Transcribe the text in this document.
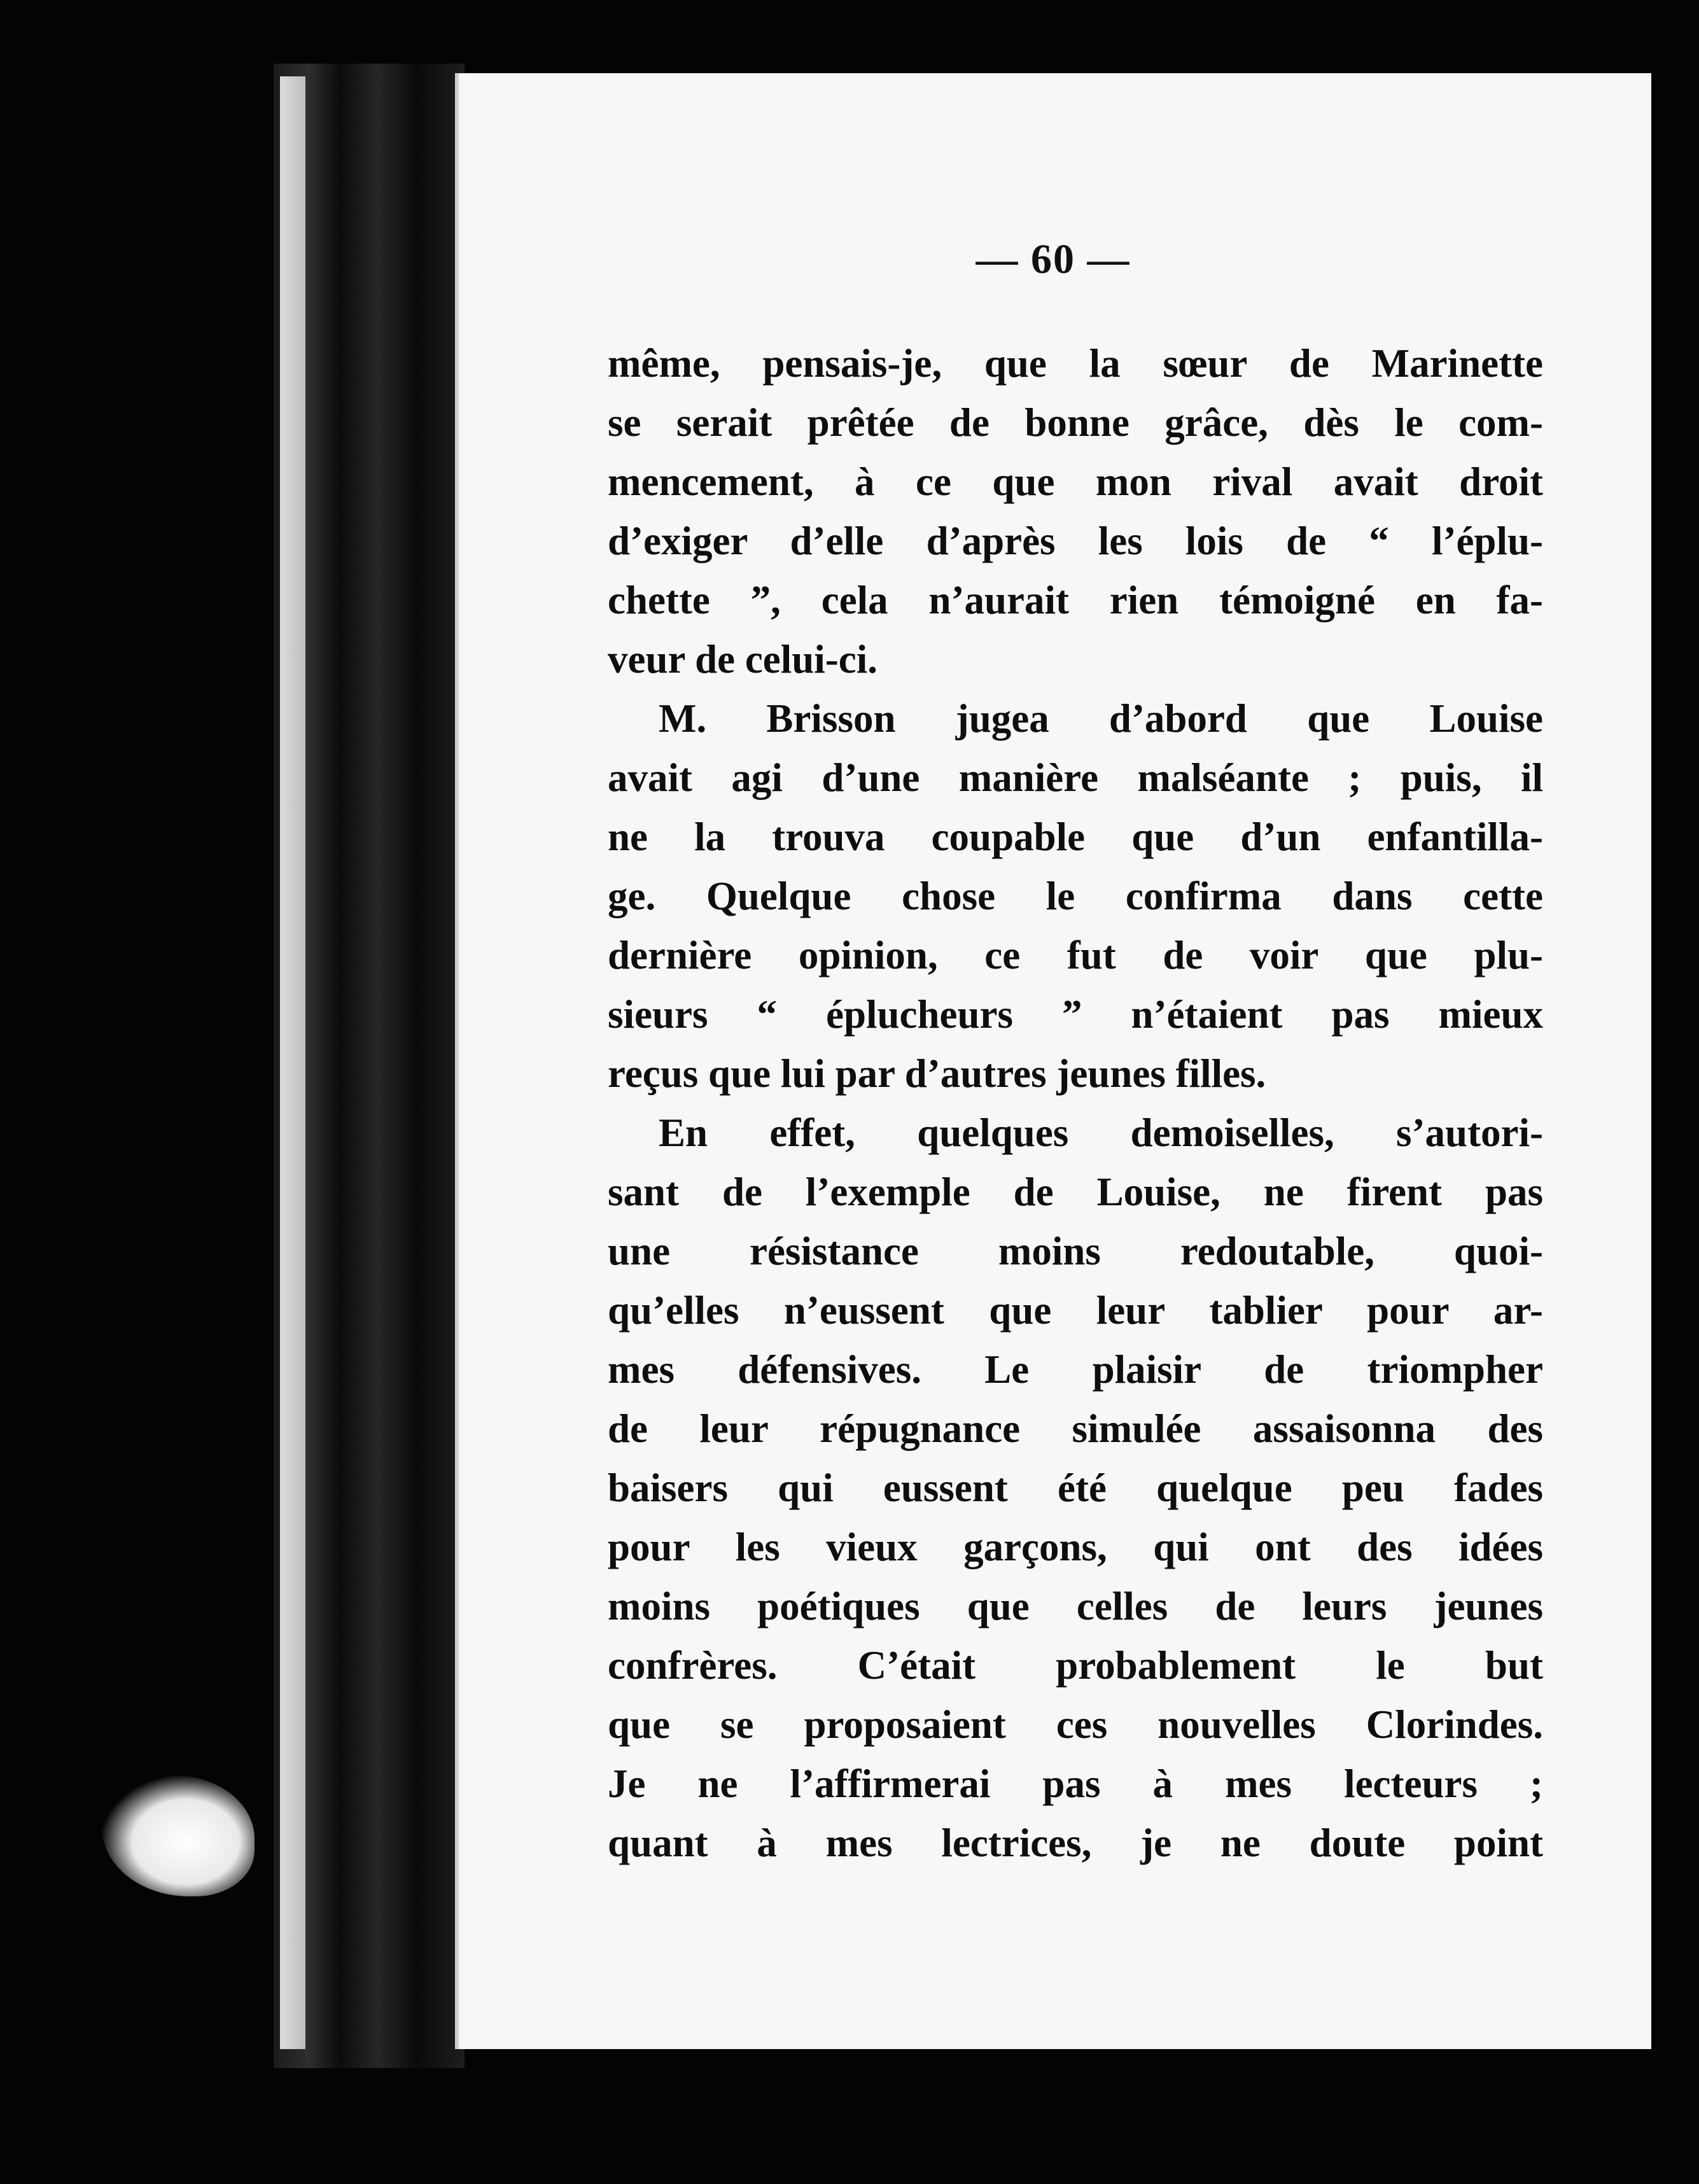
— 60 —
même, pensais-je, que la sœur de Marinette
se serait prêtée de bonne grâce, dès le com-
mencement, à ce que mon rival avait droit
d’exiger d’elle d’après les lois de “ l’éplu-
chette ”, cela n’aurait rien témoigné en fa-
veur de celui-ci.
M. Brisson jugea d’abord que Louise
avait agi d’une manière malséante ; puis, il
ne la trouva coupable que d’un enfantilla-
ge. Quelque chose le confirma dans cette
dernière opinion, ce fut de voir que plu-
sieurs “ éplucheurs ” n’étaient pas mieux
reçus que lui par d’autres jeunes filles.
En effet, quelques demoiselles, s’autori-
sant de l’exemple de Louise, ne firent pas
une résistance moins redoutable, quoi-
qu’elles n’eussent que leur tablier pour ar-
mes défensives. Le plaisir de triompher
de leur répugnance simulée assaisonna des
baisers qui eussent été quelque peu fades
pour les vieux garçons, qui ont des idées
moins poétiques que celles de leurs jeunes
confrères. C’était probablement le but
que se proposaient ces nouvelles Clorindes.
Je ne l’affirmerai pas à mes lecteurs ;
quant à mes lectrices, je ne doute point
